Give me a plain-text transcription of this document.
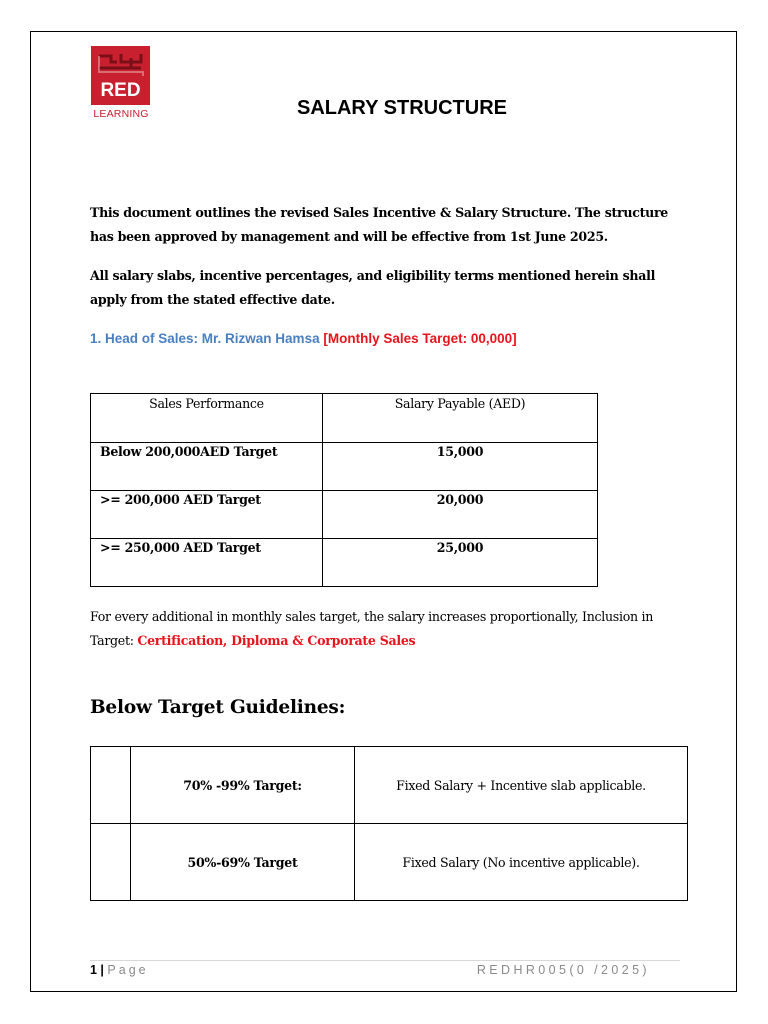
RED
LEARNING	SALARY STRUCTURE
This document outlines the revised Sales Incentive & Salary Structure. The structure has been approved by management and will be effective from 1st June 2025.
All salary slabs, incentive percentages, and eligibility terms mentioned herein shall apply from the stated effective date.
1. Head of Sales: Mr. Rizwan Hamsa [Monthly Sales Target: 00,000]
Sales Performance	Salary Payable (AED)
Below 200,000AED Target	15,000
>= 200,000 AED Target	20,000
>= 250,000 AED Target	25,000
For every additional in monthly sales target, the salary increases proportionally, Inclusion in Target: Certification, Diploma & Corporate Sales
Below Target Guidelines:
	70% -99% Target:	Fixed Salary + Incentive slab applicable.
	50%-69% Target	Fixed Salary (No incentive applicable).
1 | Page	REDHR005(0 /2025)
